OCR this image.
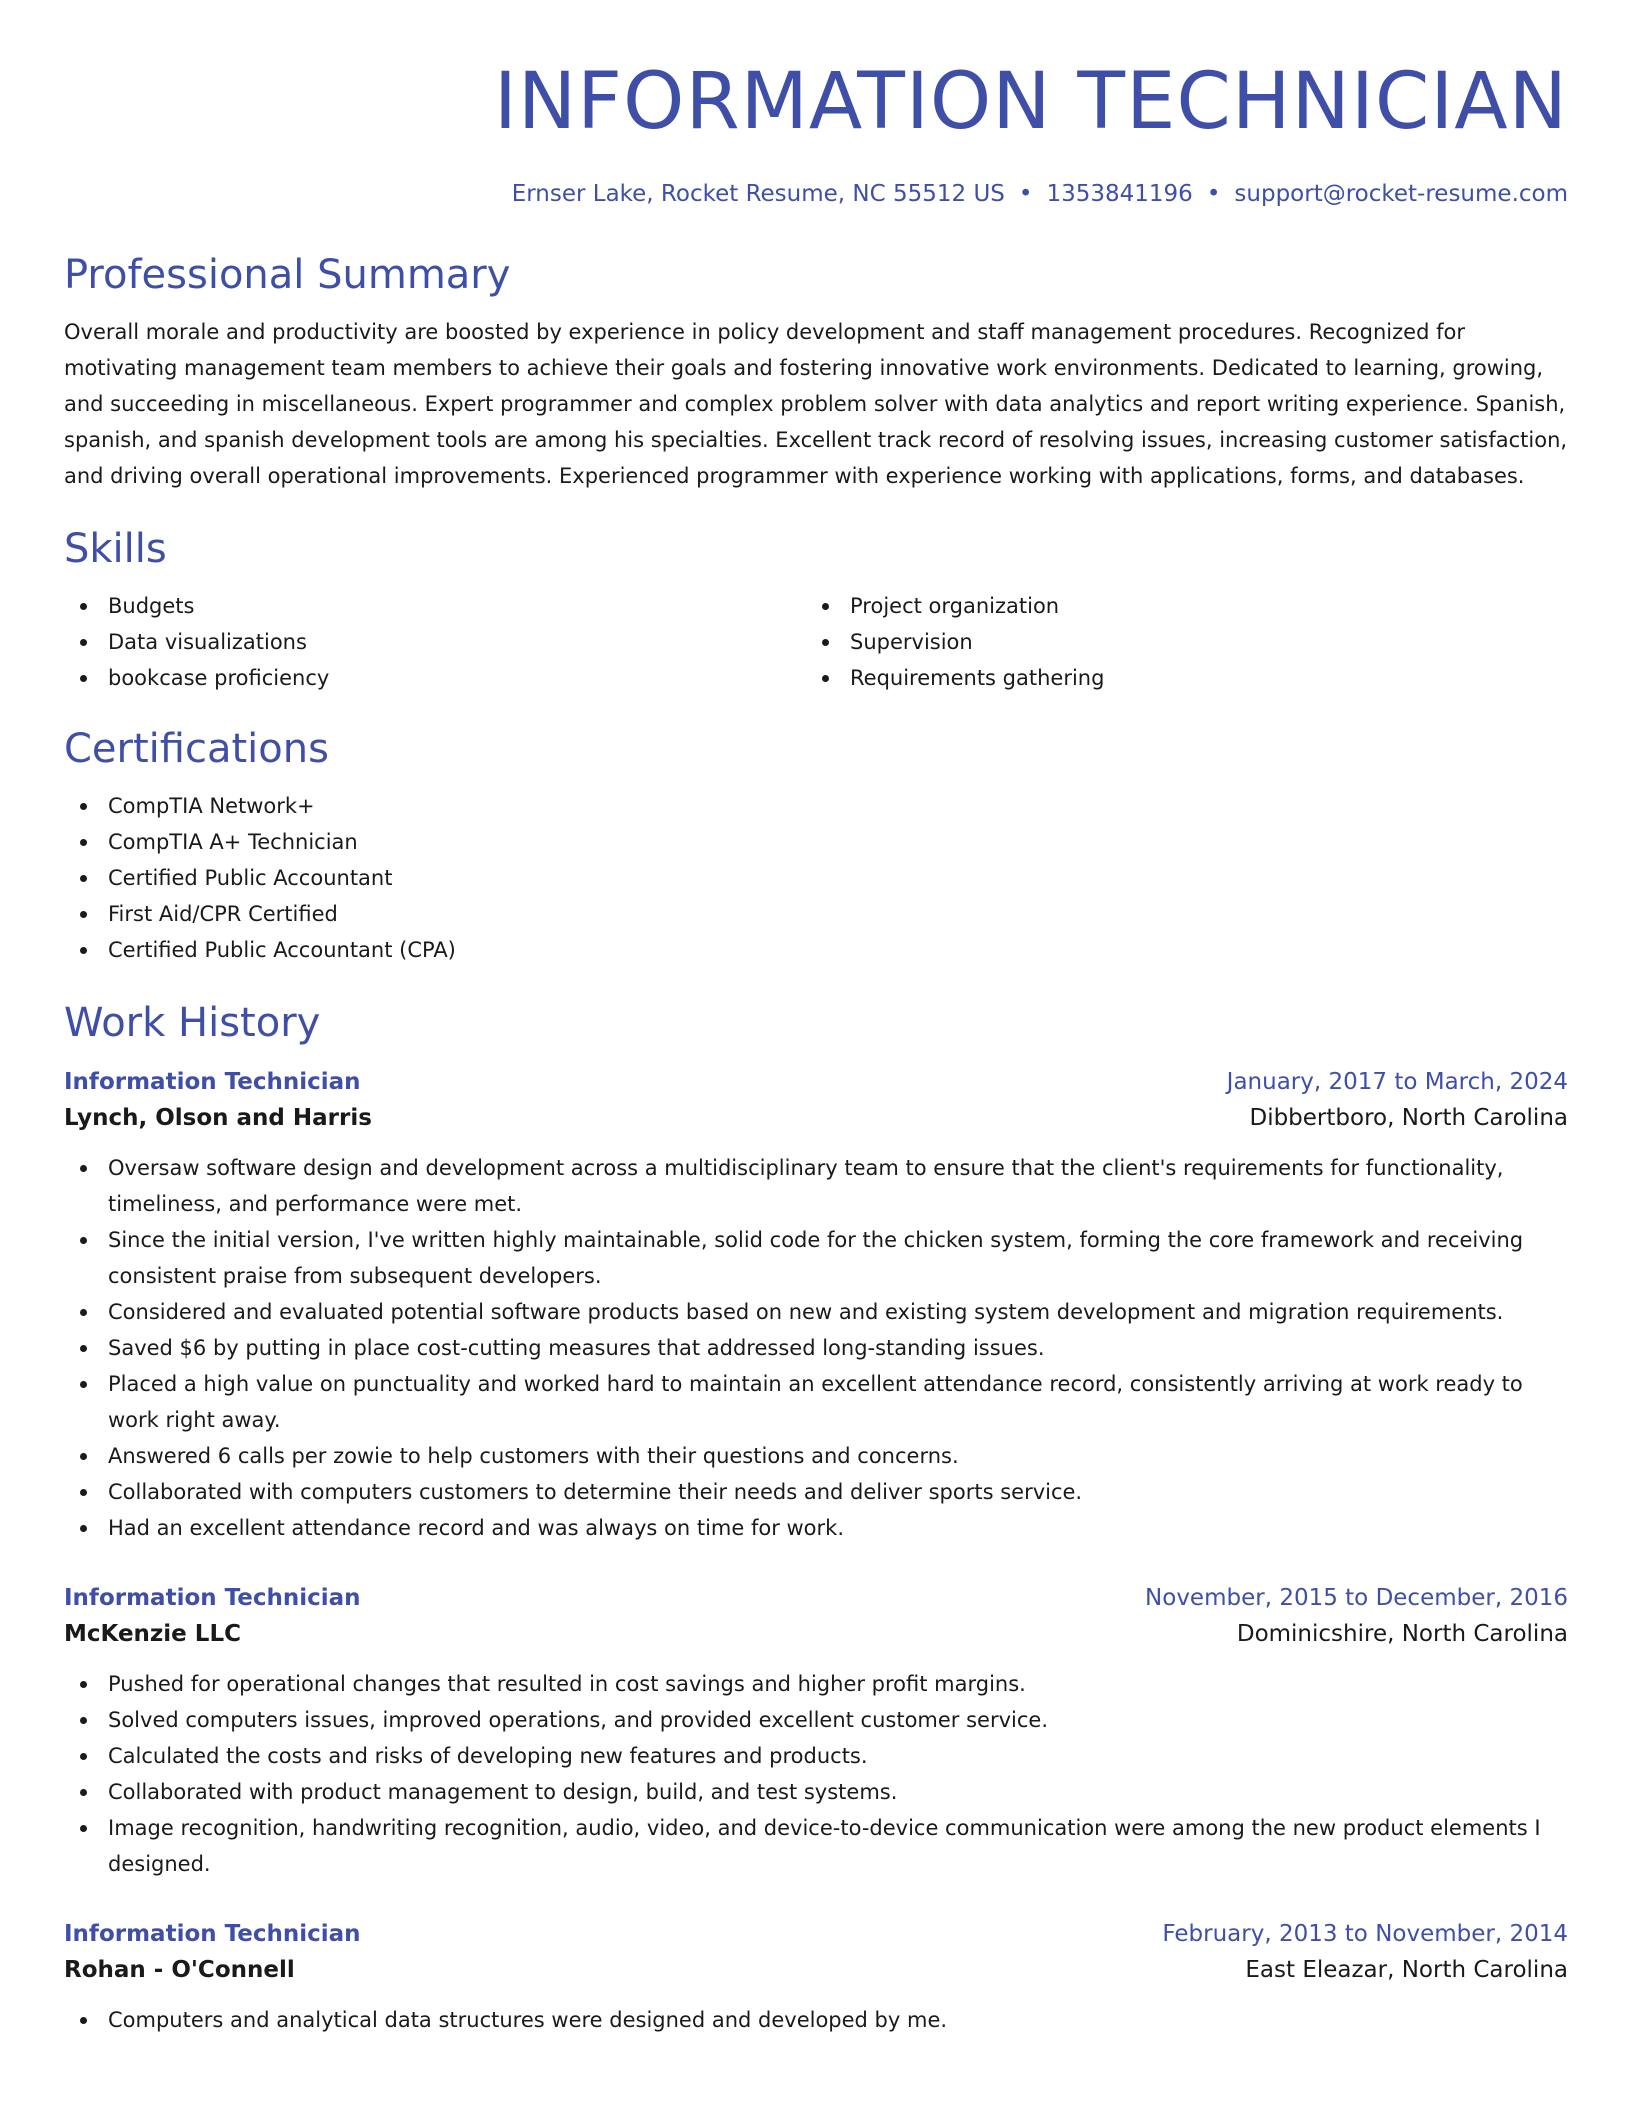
INFORMATION TECHNICIAN
Ernser Lake, Rocket Resume, NC 55512 US • 1353841196 • support@rocket-resume.com
Professional Summary

Overall morale and productivity are boosted by experience in policy development and staff management procedures. Recognized for motivating management team members to achieve their goals and fostering innovative work environments. Dedicated to learning, growing, and succeeding in miscellaneous. Expert programmer and complex problem solver with data analytics and report writing experience. Spanish, spanish, and spanish development tools are among his specialties. Excellent track record of resolving issues, increasing customer satisfaction, and driving overall operational improvements. Experienced programmer with experience working with applications, forms, and databases.

Skills
Budgets
Data visualizations
bookcase proficiency
Project organization
Supervision
Requirements gathering
Certifications
CompTIA Network+
CompTIA A+ Technician
Certified Public Accountant
First Aid/CPR Certified
Certified Public Accountant (CPA)
Work History
Information Technician	January, 2017 to March, 2024
Lynch, Olson and Harris	Dibbertboro, North Carolina
Oversaw software design and development across a multidisciplinary team to ensure that the client's requirements for functionality, timeliness, and performance were met.
Since the initial version, I've written highly maintainable, solid code for the chicken system, forming the core framework and receiving consistent praise from subsequent developers.
Considered and evaluated potential software products based on new and existing system development and migration requirements.
Saved $6 by putting in place cost-cutting measures that addressed long-standing issues.
Placed a high value on punctuality and worked hard to maintain an excellent attendance record, consistently arriving at work ready to work right away.
Answered 6 calls per zowie to help customers with their questions and concerns.
Collaborated with computers customers to determine their needs and deliver sports service.
Had an excellent attendance record and was always on time for work.
Information Technician	November, 2015 to December, 2016
McKenzie LLC	Dominicshire, North Carolina
Pushed for operational changes that resulted in cost savings and higher profit margins.
Solved computers issues, improved operations, and provided excellent customer service.
Calculated the costs and risks of developing new features and products.
Collaborated with product management to design, build, and test systems.
Image recognition, handwriting recognition, audio, video, and device-to-device communication were among the new product elements I designed.
Information Technician	February, 2013 to November, 2014
Rohan - O'Connell	East Eleazar, North Carolina
Computers and analytical data structures were designed and developed by me.
